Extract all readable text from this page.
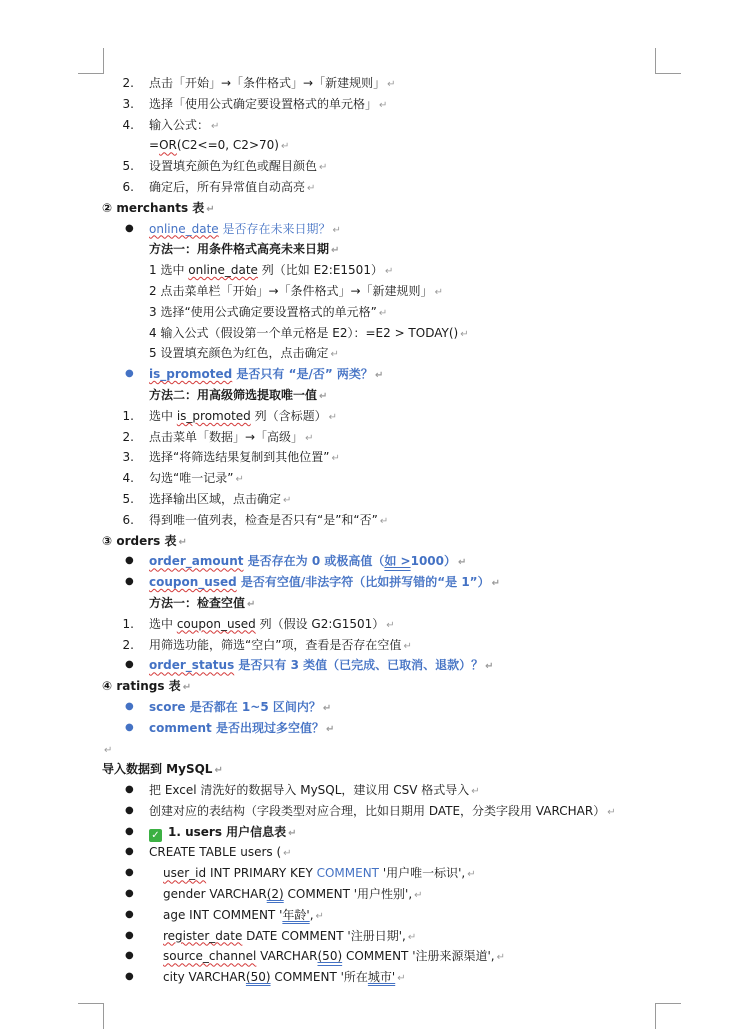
2. 点击「开始」→「条件格式」→「新建规则」 ↵
3. 选择「使用公式确定要设置格式的单元格」 ↵
4. 输入公式： ↵
=OR(C2<=0, C2>70) ↵
5. 设置填充颜色为红色或醒目颜色 ↵
6. 确定后，所有异常值自动高亮 ↵
② merchants 表 ↵
● online_date 是否存在未来日期？ ↵
方法一：用条件格式高亮未来日期 ↵
1 选中 online_date 列（比如 E2:E1501） ↵
2 点击菜单栏「开始」→「条件格式」→「新建规则」 ↵
3 选择“使用公式确定要设置格式的单元格” ↵
4 输入公式（假设第一个单元格是 E2）：=E2 > TODAY() ↵
5 设置填充颜色为红色，点击确定 ↵
● is_promoted 是否只有 “是/否” 两类？ ↵
方法二：用高级筛选提取唯一值 ↵
1. 选中 is_promoted 列（含标题） ↵
2. 点击菜单「数据」→「高级」 ↵
3. 选择“将筛选结果复制到其他位置” ↵
4. 勾选“唯一记录” ↵
5. 选择输出区域，点击确定 ↵
6. 得到唯一值列表，检查是否只有“是”和“否” ↵
③ orders 表 ↵
● order_amount 是否存在为 0 或极高值（如 >1000） ↵
● coupon_used 是否有空值/非法字符（比如拼写错的“是 1”） ↵
方法一：检查空值 ↵
1. 选中 coupon_used 列（假设 G2:G1501） ↵
2. 用筛选功能，筛选“空白”项，查看是否存在空值 ↵
● order_status 是否只有 3 类值（已完成、已取消、退款）？ ↵
④ ratings 表 ↵
● score 是否都在 1~5 区间内？ ↵
● comment 是否出现过多空值？ ↵
↵
导入数据到 MySQL ↵
● 把 Excel 清洗好的数据导入 MySQL，建议用 CSV 格式导入 ↵
● 创建对应的表结构（字段类型对应合理，比如日期用 DATE，分类字段用 VARCHAR） ↵
● ✓ 1. users 用户信息表 ↵
● CREATE TABLE users ( ↵
● user_id INT PRIMARY KEY COMMENT '用户唯一标识', ↵
● gender VARCHAR(2) COMMENT '用户性别', ↵
● age INT COMMENT '年龄', ↵
● register_date DATE COMMENT '注册日期', ↵
● source_channel VARCHAR(50) COMMENT '注册来源渠道', ↵
● city VARCHAR(50) COMMENT '所在城市' ↵
